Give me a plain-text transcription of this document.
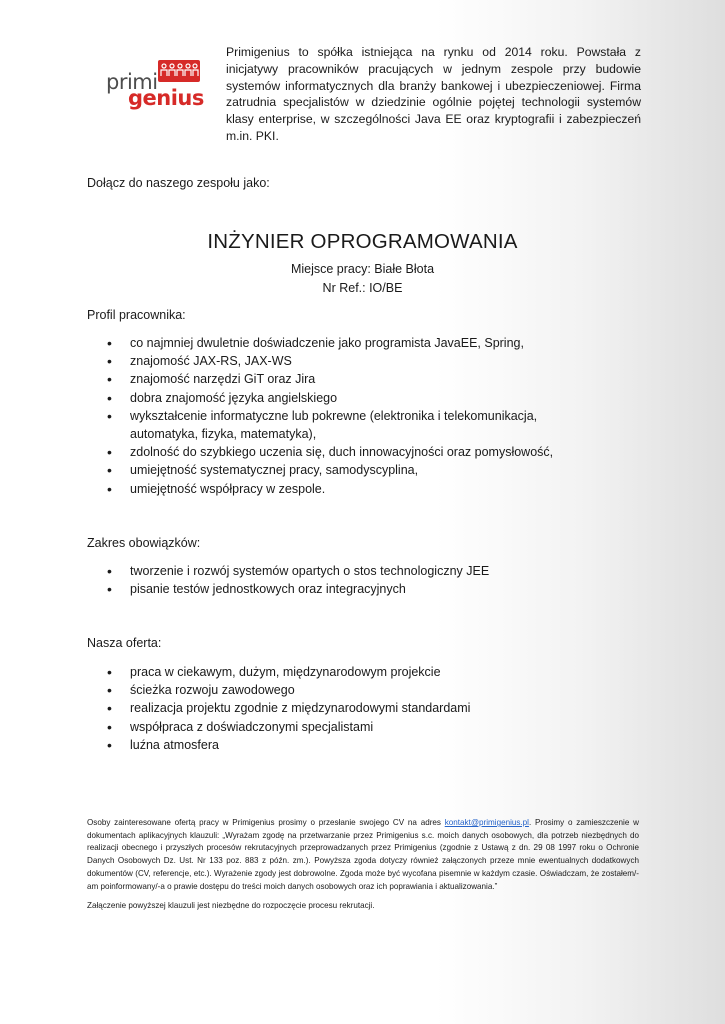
primi
genius

Primigenius to spółka istniejąca na rynku od 2014 roku. Powstała z inicjatywy pracowników pracujących w jednym zespole przy budowie systemów informatycznych dla branży bankowej i ubezpieczeniowej. Firma zatrudnia specjalistów w dziedzinie ogólnie pojętej technologii systemów klasy enterprise, w szczególności Java EE oraz kryptografii i zabezpieczeń m.in. PKI.

Dołącz do naszego zespołu jako:
INŻYNIER OPROGRAMOWANIA
Miejsce pracy: Białe Błota
Nr Ref.: IO/BE
Profil pracownika:
• co najmniej dwuletnie doświadczenie jako programista JavaEE, Spring,
• znajomość JAX-RS, JAX-WS
• znajomość narzędzi GiT oraz Jira
• dobra znajomość języka angielskiego
• wykształcenie informatyczne lub pokrewne (elektronika i telekomunikacja, automatyka, fizyka, matematyka),
• zdolność do szybkiego uczenia się, duch innowacyjności oraz pomysłowość,
• umiejętność systematycznej pracy, samodyscyplina,
• umiejętność współpracy w zespole.
Zakres obowiązków:
• tworzenie i rozwój systemów opartych o stos technologiczny JEE
• pisanie testów jednostkowych oraz integracyjnych
Nasza oferta:
• praca w ciekawym, dużym, międzynarodowym projekcie
• ścieżka rozwoju zawodowego
• realizacja projektu zgodnie z międzynarodowymi standardami
• współpraca z doświadczonymi specjalistami
• luźna atmosfera

Osoby zainteresowane ofertą pracy w Primigenius prosimy o przesłanie swojego CV na adres kontakt@primigenius.pl. Prosimy o zamieszczenie w dokumentach aplikacyjnych klauzuli: „Wyrażam zgodę na przetwarzanie przez Primigenius s.c. moich danych osobowych, dla potrzeb niezbędnych do realizacji obecnego i przyszłych procesów rekrutacyjnych przeprowadzanych przez Primigenius (zgodnie z Ustawą z dn. 29 08 1997 roku o Ochronie Danych Osobowych Dz. Ust. Nr 133 poz. 883 z późn. zm.). Powyższa zgoda dotyczy również załączonych przeze mnie ewentualnych dodatkowych dokumentów (CV, referencje, etc.). Wyrażenie zgody jest dobrowolne. Zgoda może być wycofana pisemnie w każdym czasie. Oświadczam, że zostałem/-am poinformowany/-a o prawie dostępu do treści moich danych osobowych oraz ich poprawiania i aktualizowania.”

Załączenie powyższej klauzuli jest niezbędne do rozpoczęcie procesu rekrutacji.
